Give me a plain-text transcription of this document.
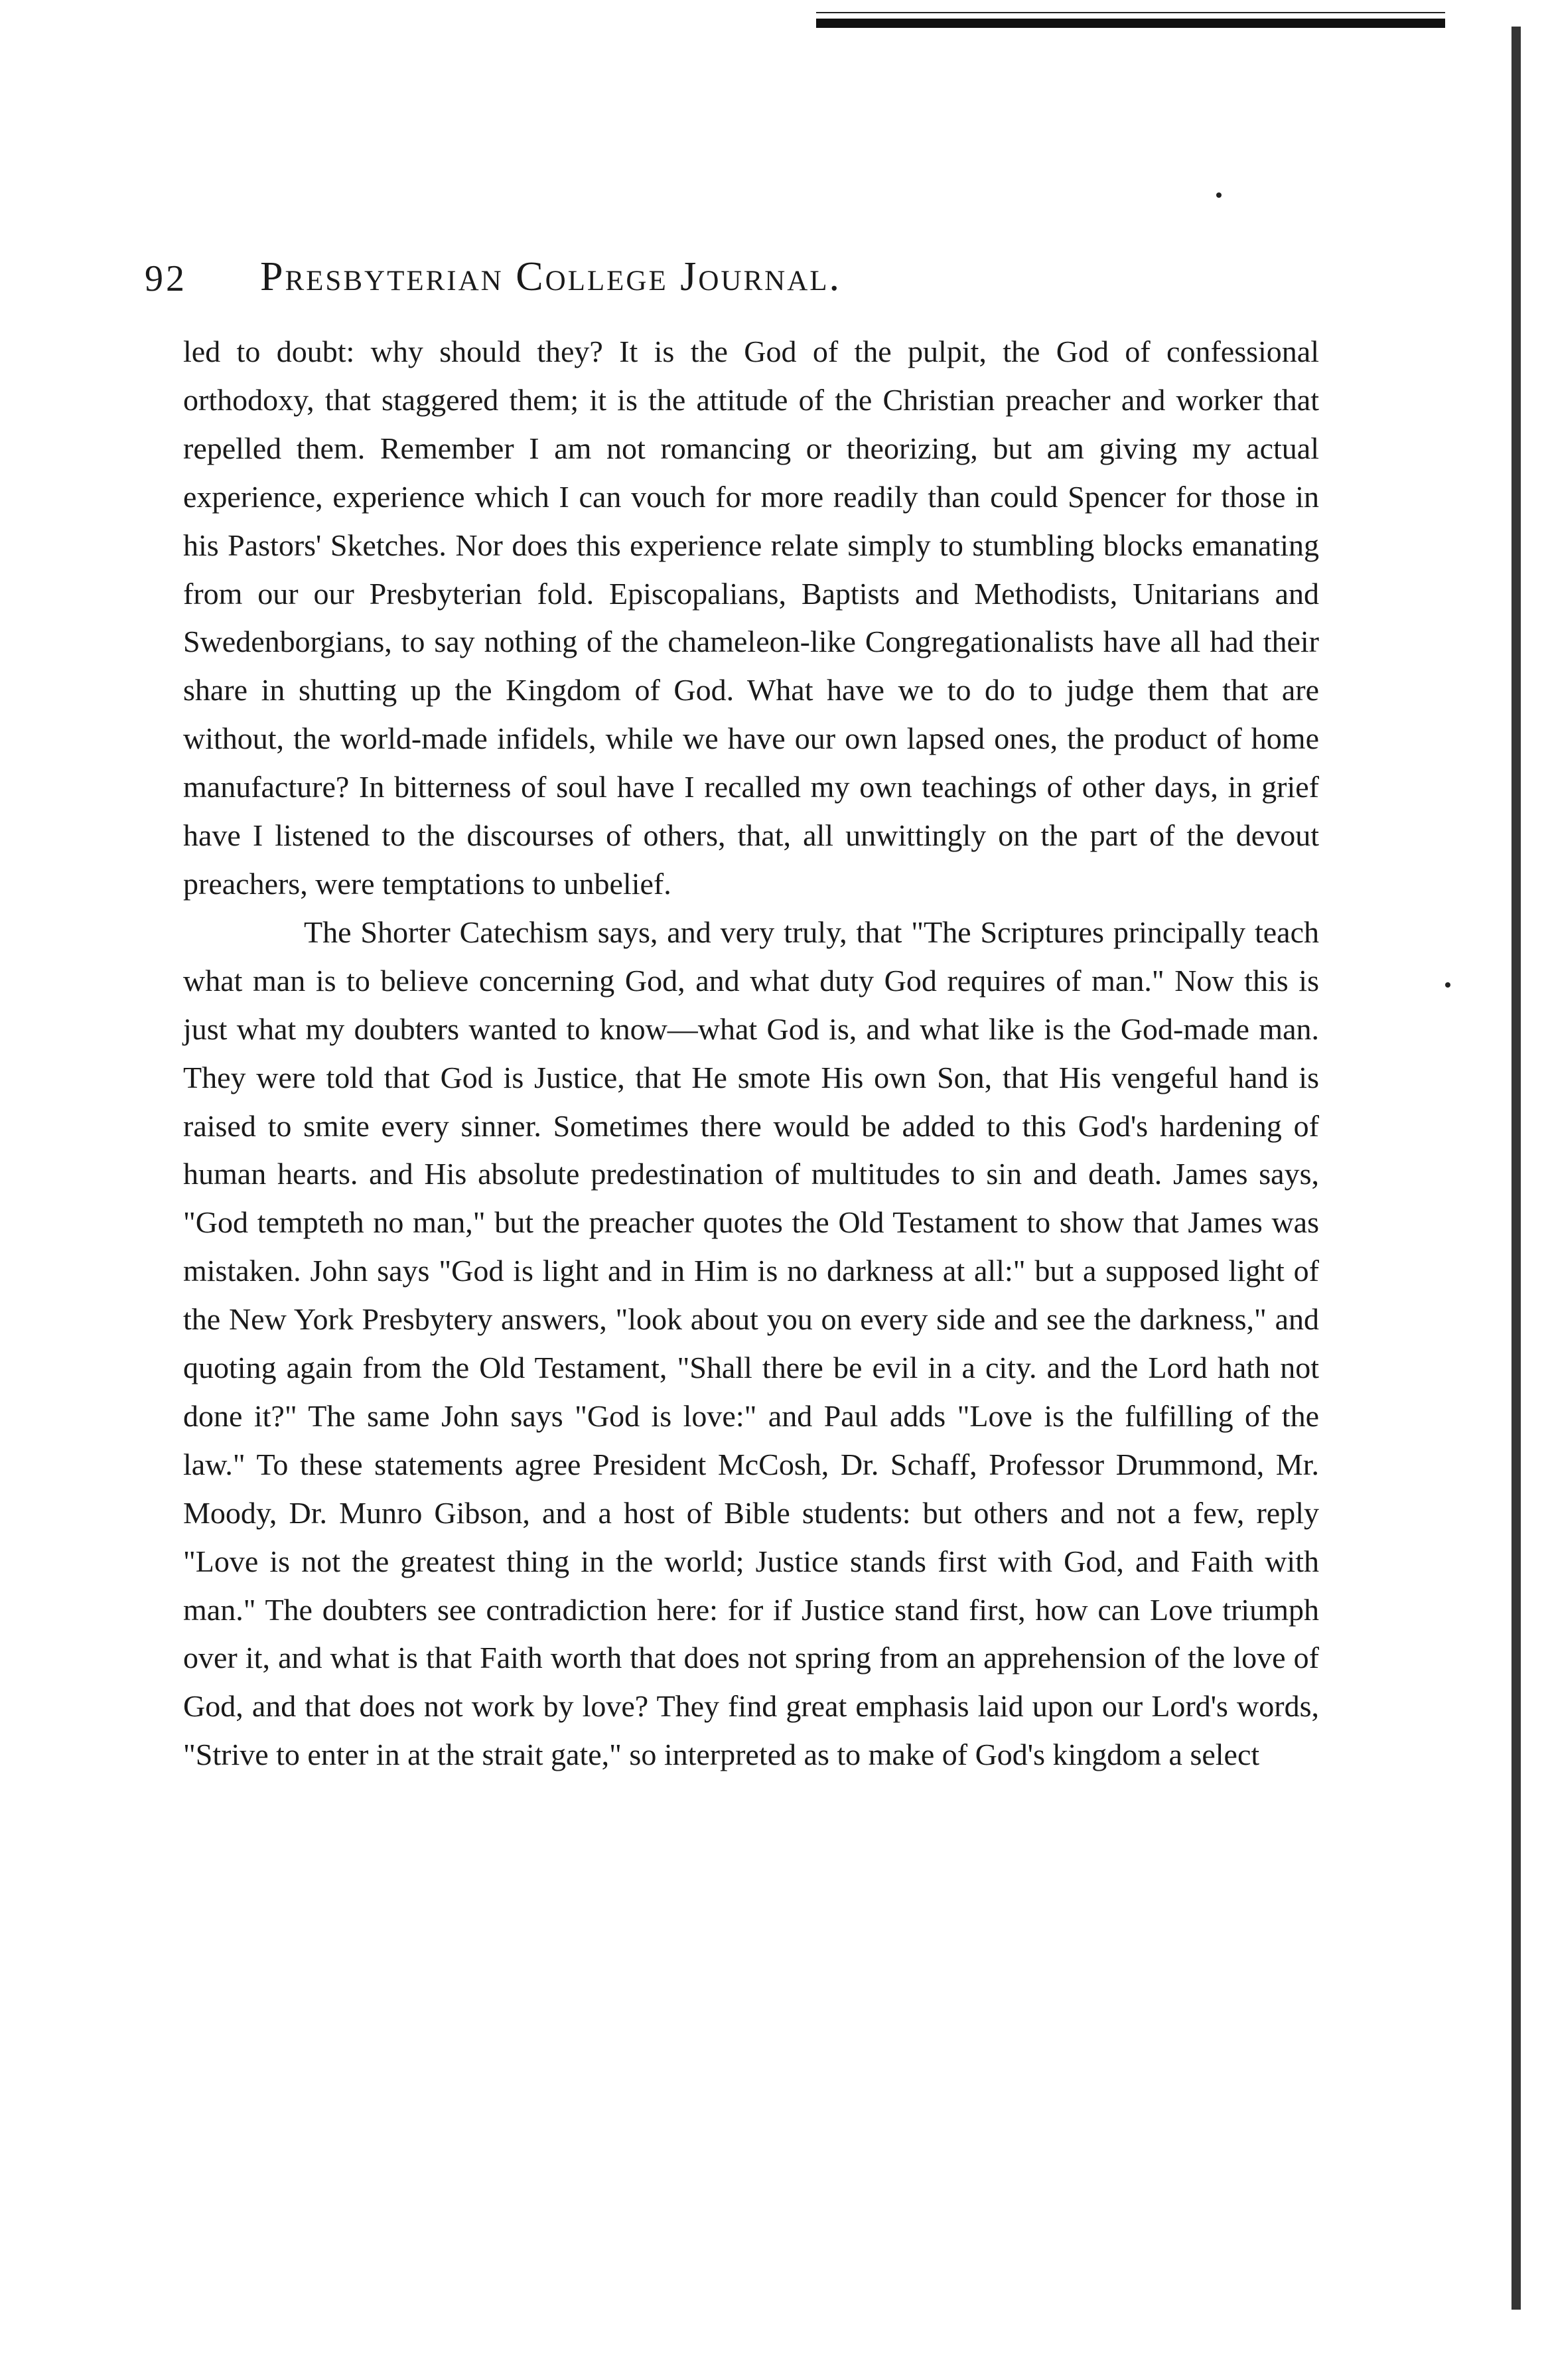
92 Presbyterian College Journal.

led to doubt: why should they? It is the God of the pulpit, the God of confessional orthodoxy, that staggered them; it is the attitude of the Christian preacher and worker that repelled them. Remember I am not romancing or theorizing, but am giving my actual experience, experience which I can vouch for more readily than could Spencer for those in his Pastors' Sketches. Nor does this experience relate simply to stumbling blocks emanating from our our Presbyterian fold. Episcopalians, Baptists and Methodists, Unitarians and Swedenborgians, to say nothing of the chameleon-like Congregationalists have all had their share in shutting up the Kingdom of God. What have we to do to judge them that are without, the world-made infidels, while we have our own lapsed ones, the product of home manufacture? In bitterness of soul have I recalled my own teachings of other days, in grief have I listened to the discourses of others, that, all unwittingly on the part of the devout preachers, were temptations to unbelief.

The Shorter Catechism says, and very truly, that "The Scriptures principally teach what man is to believe concerning God, and what duty God requires of man." Now this is just what my doubters wanted to know—what God is, and what like is the God-made man. They were told that God is Justice, that He smote His own Son, that His vengeful hand is raised to smite every sinner. Sometimes there would be added to this God's hardening of human hearts. and His absolute predestination of multitudes to sin and death. James says, "God tempteth no man," but the preacher quotes the Old Testament to show that James was mistaken. John says "God is light and in Him is no darkness at all:" but a supposed light of the New York Presbytery answers, "look about you on every side and see the darkness," and quoting again from the Old Testament, "Shall there be evil in a city. and the Lord hath not done it?" The same John says "God is love:" and Paul adds "Love is the fulfilling of the law." To these statements agree President McCosh, Dr. Schaff, Professor Drummond, Mr. Moody, Dr. Munro Gibson, and a host of Bible students: but others and not a few, reply "Love is not the greatest thing in the world; Justice stands first with God, and Faith with man." The doubters see contradiction here: for if Justice stand first, how can Love triumph over it, and what is that Faith worth that does not spring from an apprehension of the love of God, and that does not work by love? They find great emphasis laid upon our Lord's words, "Strive to enter in at the strait gate," so interpreted as to make of God's kingdom a select
